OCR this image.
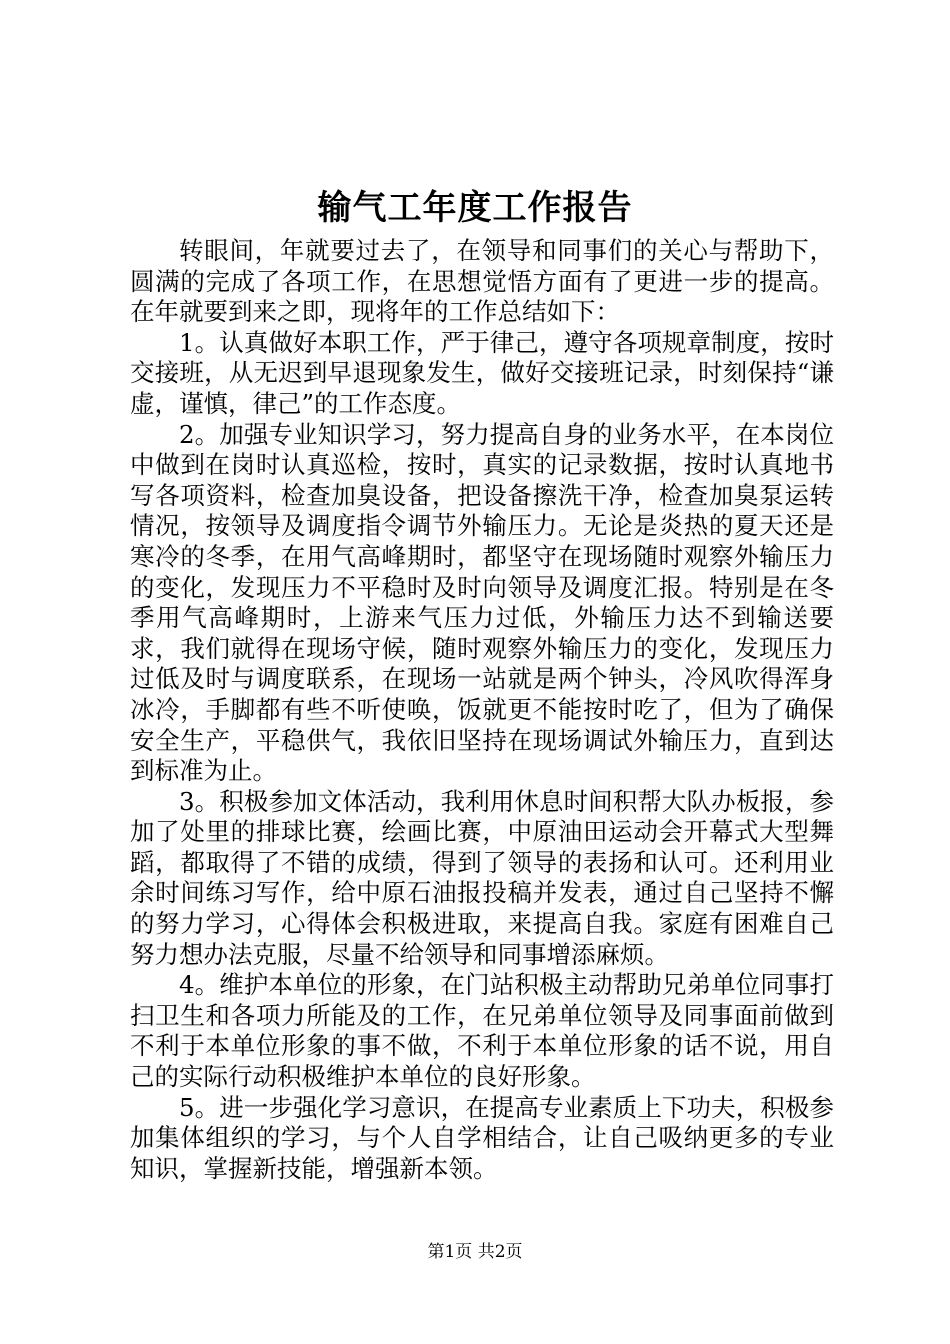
输气工年度工作报告

转眼间，年就要过去了，在领导和同事们的关心与帮助下，圆满的完成了各项工作，在思想觉悟方面有了更进一步的提高。在年就要到来之即，现将年的工作总结如下：

1。认真做好本职工作，严于律己，遵守各项规章制度，按时交接班，从无迟到早退现象发生，做好交接班记录，时刻保持“谦虚，谨慎，律己”的工作态度。

2。加强专业知识学习，努力提高自身的业务水平，在本岗位中做到在岗时认真巡检，按时，真实的记录数据，按时认真地书写各项资料，检查加臭设备，把设备擦洗干净，检查加臭泵运转情况，按领导及调度指令调节外输压力。无论是炎热的夏天还是寒冷的冬季，在用气高峰期时，都坚守在现场随时观察外输压力的变化，发现压力不平稳时及时向领导及调度汇报。特别是在冬季用气高峰期时，上游来气压力过低，外输压力达不到输送要求，我们就得在现场守候，随时观察外输压力的变化，发现压力过低及时与调度联系，在现场一站就是两个钟头，冷风吹得浑身冰冷，手脚都有些不听使唤，饭就更不能按时吃了，但为了确保安全生产，平稳供气，我依旧坚持在现场调试外输压力，直到达到标准为止。

3。积极参加文体活动，我利用休息时间积帮大队办板报，参加了处里的排球比赛，绘画比赛，中原油田运动会开幕式大型舞蹈，都取得了不错的成绩，得到了领导的表扬和认可。还利用业余时间练习写作，给中原石油报投稿并发表，通过自己坚持不懈的努力学习，心得体会积极进取，来提高自我。家庭有困难自己努力想办法克服，尽量不给领导和同事增添麻烦。

4。维护本单位的形象，在门站积极主动帮助兄弟单位同事打扫卫生和各项力所能及的工作，在兄弟单位领导及同事面前做到不利于本单位形象的事不做，不利于本单位形象的话不说，用自己的实际行动积极维护本单位的良好形象。

5。进一步强化学习意识，在提高专业素质上下功夫，积极参加集体组织的学习，与个人自学相结合，让自己吸纳更多的专业知识，掌握新技能，增强新本领。

第1页 共2页
